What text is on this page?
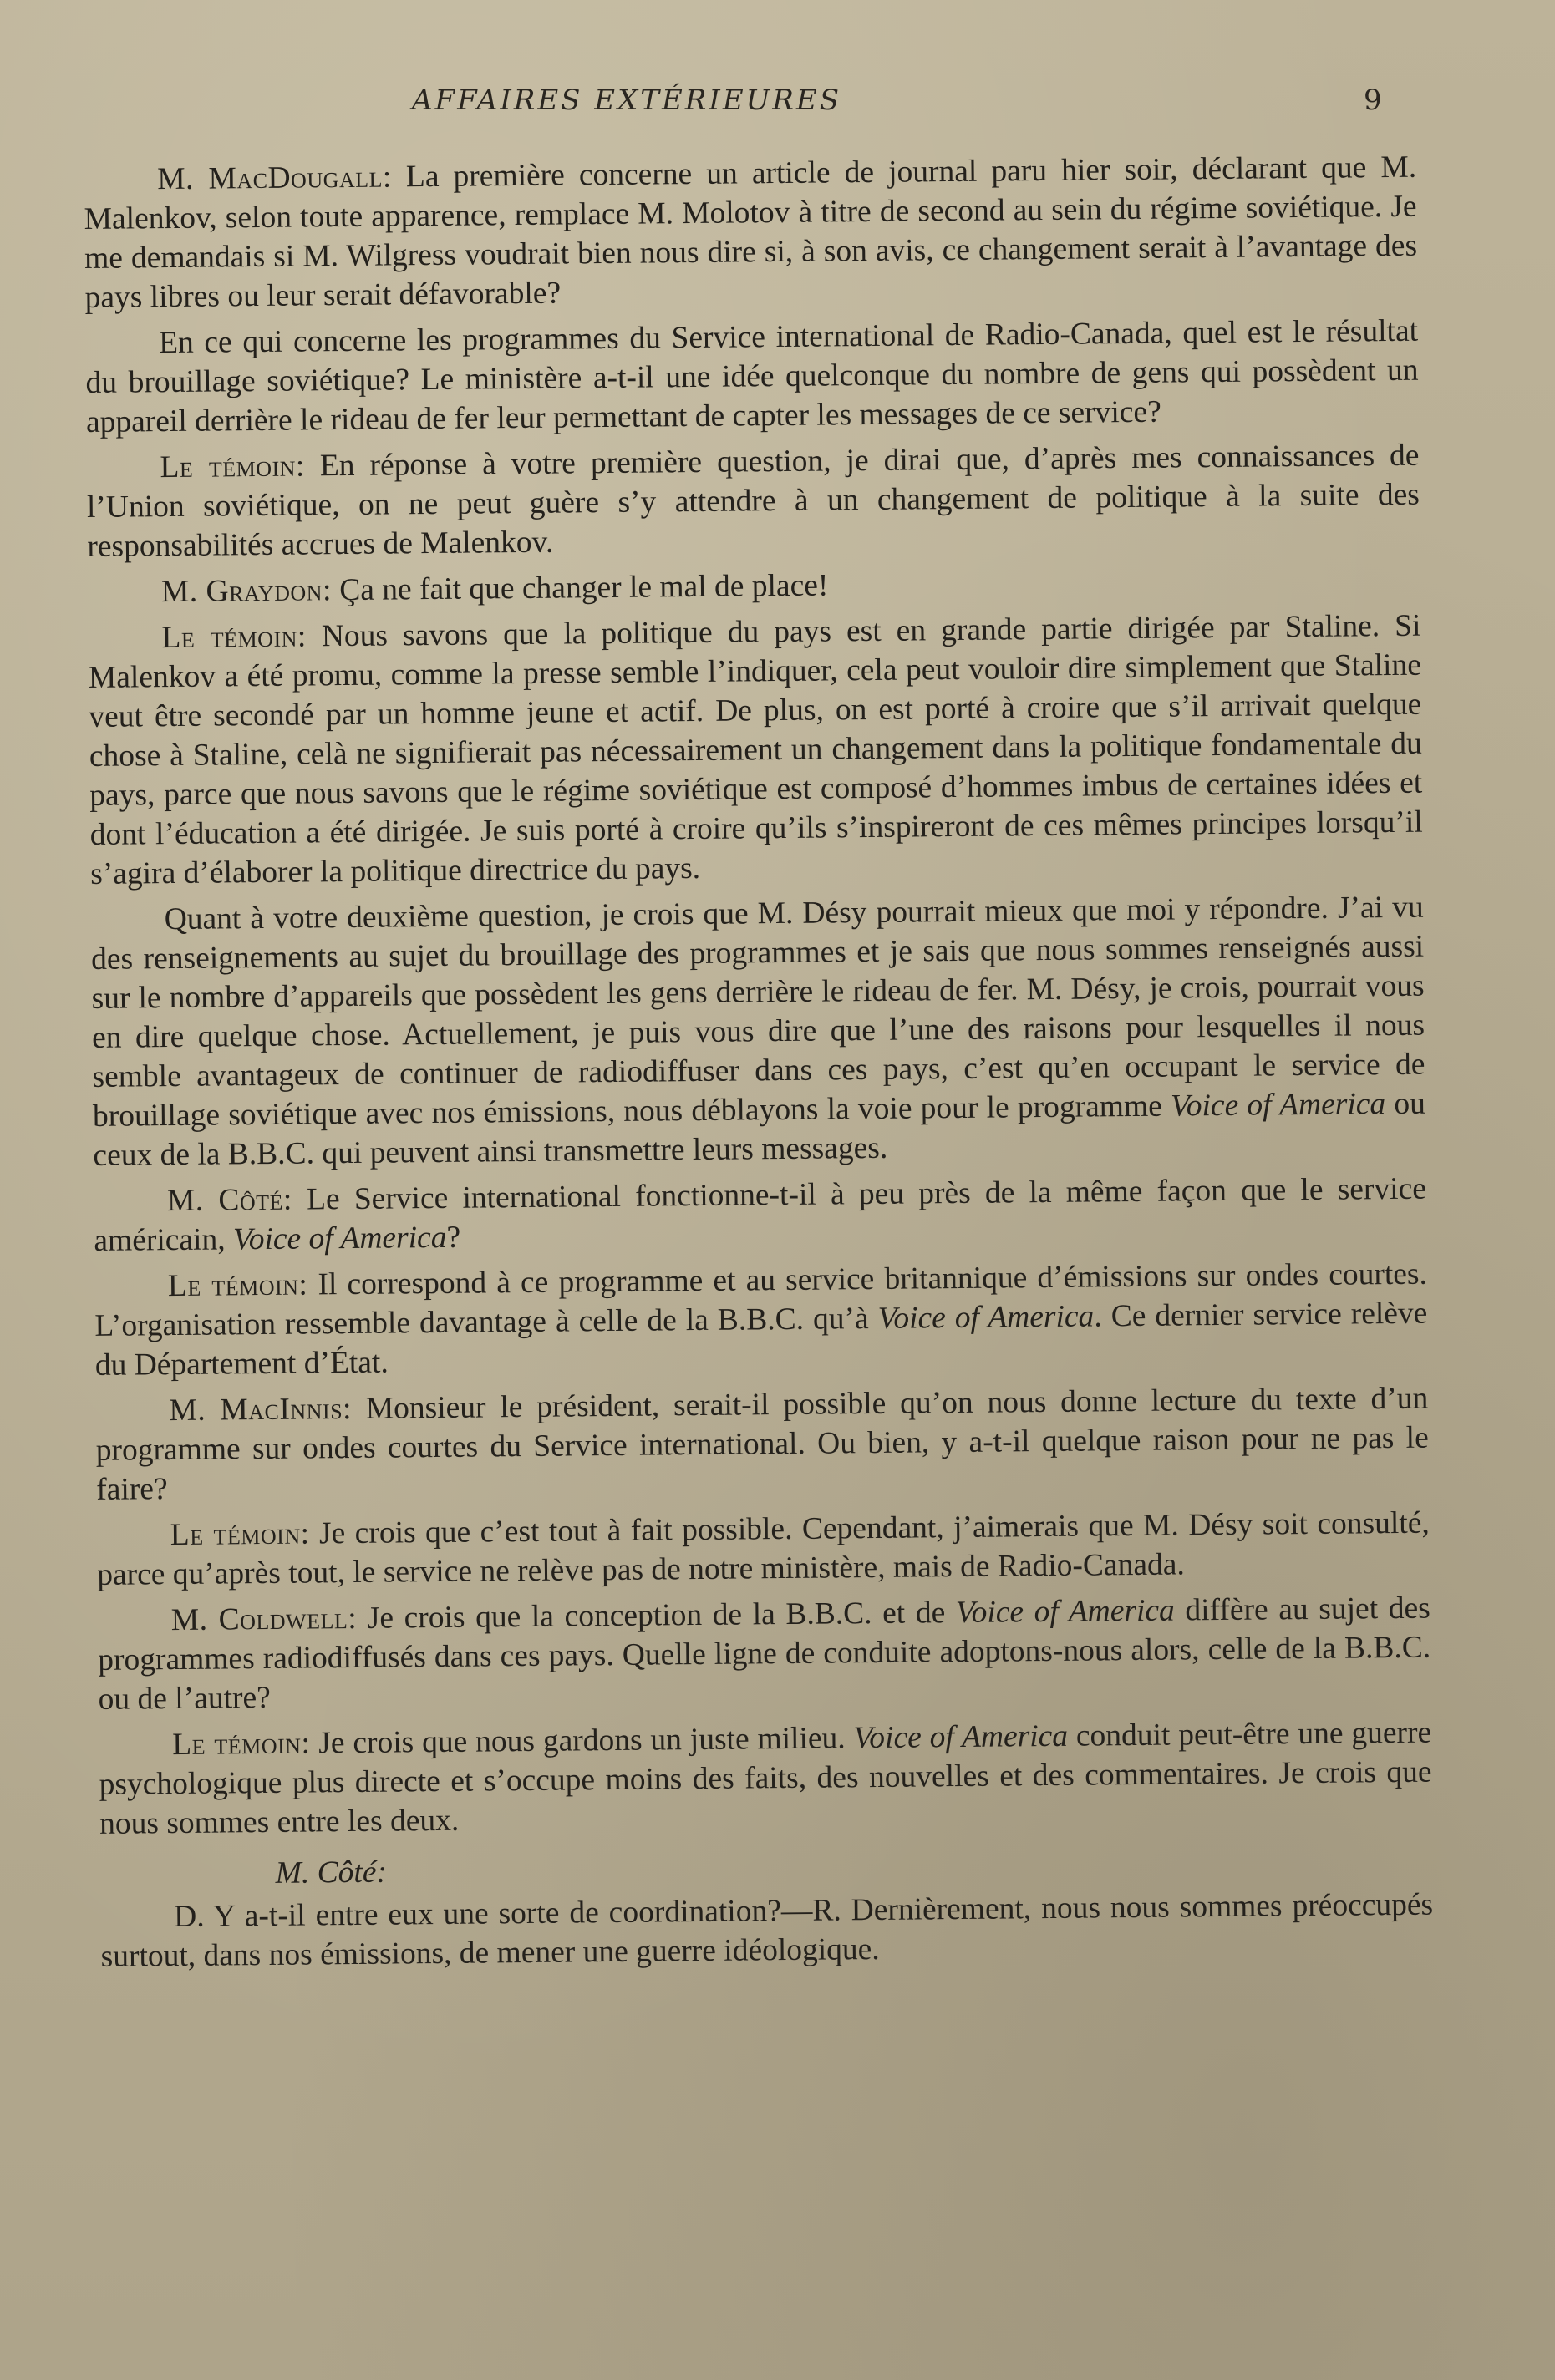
AFFAIRES EXTÉRIEURES	9

M. MacDougall: La première concerne un article de journal paru hier soir, déclarant que M. Malenkov, selon toute apparence, remplace M. Molotov à titre de second au sein du régime soviétique. Je me demandais si M. Wilgress voudrait bien nous dire si, à son avis, ce changement serait à l’avantage des pays libres ou leur serait défavorable?

En ce qui concerne les programmes du Service international de Radio-Canada, quel est le résultat du brouillage soviétique? Le ministère a-t-il une idée quelconque du nombre de gens qui possèdent un appareil derrière le rideau de fer leur permettant de capter les messages de ce service?

Le témoin: En réponse à votre première question, je dirai que, d’après mes connaissances de l’Union soviétique, on ne peut guère s’y attendre à un changement de politique à la suite des responsabilités accrues de Malenkov.

M. Graydon: Ça ne fait que changer le mal de place!

Le témoin: Nous savons que la politique du pays est en grande partie dirigée par Staline. Si Malenkov a été promu, comme la presse semble l’indiquer, cela peut vouloir dire simplement que Staline veut être secondé par un homme jeune et actif. De plus, on est porté à croire que s’il arrivait quelque chose à Staline, celà ne signifierait pas nécessairement un changement dans la politique fondamentale du pays, parce que nous savons que le régime soviétique est composé d’hommes imbus de certaines idées et dont l’éducation a été dirigée. Je suis porté à croire qu’ils s’inspireront de ces mêmes principes lorsqu’il s’agira d’élaborer la politique directrice du pays.

Quant à votre deuxième question, je crois que M. Désy pourrait mieux que moi y répondre. J’ai vu des renseignements au sujet du brouillage des programmes et je sais que nous sommes renseignés aussi sur le nombre d’appareils que possèdent les gens derrière le rideau de fer. M. Désy, je crois, pourrait vous en dire quelque chose. Actuellement, je puis vous dire que l’une des raisons pour lesquelles il nous semble avantageux de continuer de radiodiffuser dans ces pays, c’est qu’en occupant le service de brouillage soviétique avec nos émissions, nous déblayons la voie pour le programme Voice of America ou ceux de la B.B.C. qui peuvent ainsi transmettre leurs messages.

M. Côté: Le Service international fonctionne-t-il à peu près de la même façon que le service américain, Voice of America?

Le témoin: Il correspond à ce programme et au service britannique d’émissions sur ondes courtes. L’organisation ressemble davantage à celle de la B.B.C. qu’à Voice of America. Ce dernier service relève du Département d’État.

M. MacInnis: Monsieur le président, serait-il possible qu’on nous donne lecture du texte d’un programme sur ondes courtes du Service international. Ou bien, y a-t-il quelque raison pour ne pas le faire?

Le témoin: Je crois que c’est tout à fait possible. Cependant, j’aimerais que M. Désy soit consulté, parce qu’après tout, le service ne relève pas de notre ministère, mais de Radio-Canada.

M. Coldwell: Je crois que la conception de la B.B.C. et de Voice of America diffère au sujet des programmes radiodiffusés dans ces pays. Quelle ligne de conduite adoptons-nous alors, celle de la B.B.C. ou de l’autre?

Le témoin: Je crois que nous gardons un juste milieu. Voice of America conduit peut-être une guerre psychologique plus directe et s’occupe moins des faits, des nouvelles et des commentaires. Je crois que nous sommes entre les deux.

M. Côté:

D. Y a-t-il entre eux une sorte de coordination?—R. Dernièrement, nous nous sommes préoccupés surtout, dans nos émissions, de mener une guerre idéologique.
